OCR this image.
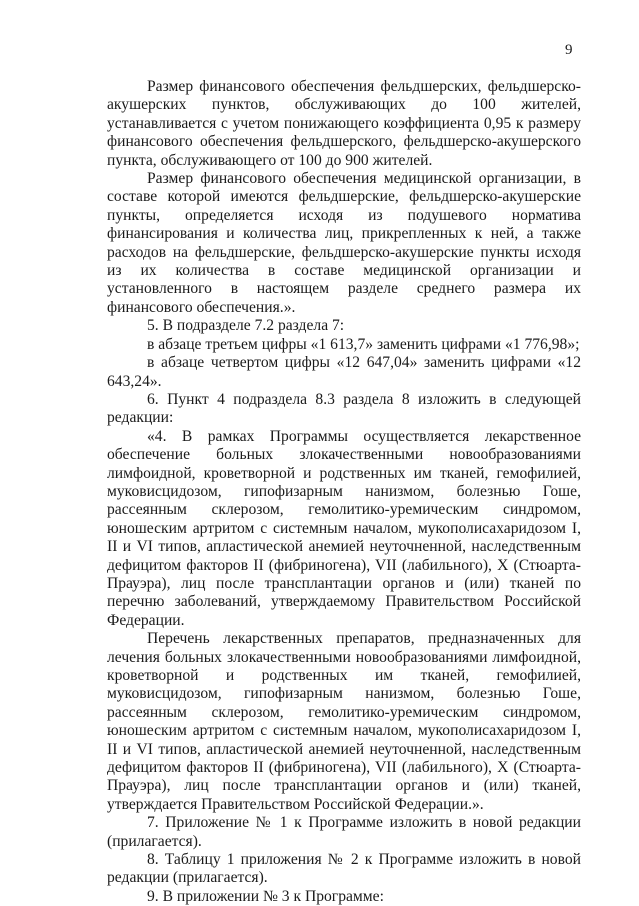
9

Размер финансового обеспечения фельдшерских, фельдшерско-акушерских пунктов, обслуживающих до 100 жителей, устанавливается с учетом понижающего коэффициента 0,95 к размеру финансового обеспечения фельдшерского, фельдшерско-акушерского пункта, обслуживающего от 100 до 900 жителей.

Размер финансового обеспечения медицинской организации, в составе которой имеются фельдшерские, фельдшерско-акушерские пункты, определяется исходя из подушевого норматива финансирования и количества лиц, прикрепленных к ней, а также расходов на фельдшерские, фельдшерско-акушерские пункты исходя из их количества в составе медицинской организации и установленного в настоящем разделе среднего размера их финансового обеспечения.».

5. В подразделе 7.2 раздела 7:

в абзаце третьем цифры «1 613,7» заменить цифрами «1 776,98»;

в абзаце четвертом цифры «12 647,04» заменить цифрами «12 643,24».

6. Пункт 4 подраздела 8.3 раздела 8 изложить в следующей редакции:

«4. В рамках Программы осуществляется лекарственное обеспечение больных злокачественными новообразованиями лимфоидной, кроветворной и родственных им тканей, гемофилией, муковисцидозом, гипофизарным нанизмом, болезнью Гоше, рассеянным склерозом, гемолитико-уремическим синдромом, юношеским артритом с системным началом, мукополисахаридозом I, II и VI типов, апластической анемией неуточненной, наследственным дефицитом факторов II (фибриногена), VII (лабильного), X (Стюарта-Прауэра), лиц после трансплантации органов и (или) тканей по перечню заболеваний, утверждаемому Правительством Российской Федерации.

Перечень лекарственных препаратов, предназначенных для лечения больных злокачественными новообразованиями лимфоидной, кроветворной и родственных им тканей, гемофилией, муковисцидозом, гипофизарным нанизмом, болезнью Гоше, рассеянным склерозом, гемолитико-уремическим синдромом, юношеским артритом с системным началом, мукополисахаридозом I, II и VI типов, апластической анемией неуточненной, наследственным дефицитом факторов II (фибриногена), VII (лабильного), X (Стюарта-Прауэра), лиц после трансплантации органов и (или) тканей, утверждается Правительством Российской Федерации.».

7. Приложение № 1 к Программе изложить в новой редакции (прилагается).

8. Таблицу 1 приложения № 2 к Программе изложить в новой редакции (прилагается).

9. В приложении № 3 к Программе:
